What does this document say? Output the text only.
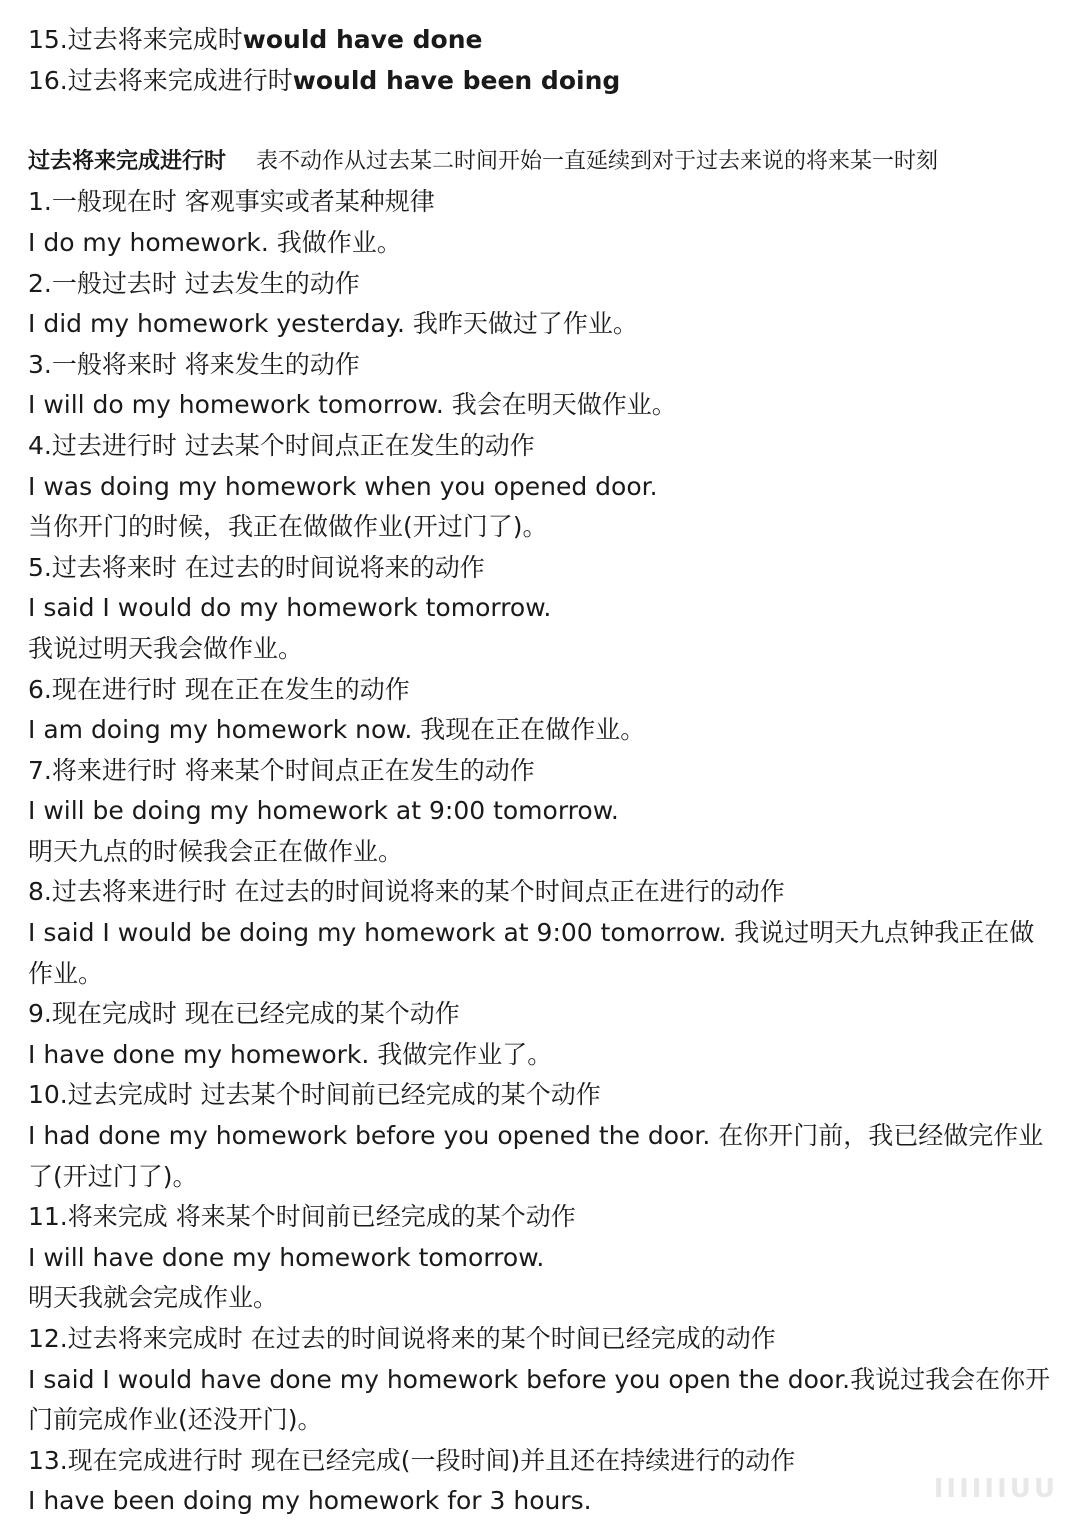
15.过去将来完成时would have done
16.过去将来完成进行时would have been doing
过去将来完成进行时 表不动作从过去某二时间开始一直延续到对于过去来说的将来某一时刻
1.一般现在时 客观事实或者某种规律
I do my homework. 我做作业。
2.一般过去时 过去发生的动作
I did my homework yesterday. 我昨天做过了作业。
3.一般将来时 将来发生的动作
I will do my homework tomorrow. 我会在明天做作业。
4.过去进行时 过去某个时间点正在发生的动作
I was doing my homework when you opened door.
当你开门的时候，我正在做做作业(开过门了)。
5.过去将来时 在过去的时间说将来的动作
I said I would do my homework tomorrow.
我说过明天我会做作业。
6.现在进行时 现在正在发生的动作
I am doing my homework now. 我现在正在做作业。
7.将来进行时 将来某个时间点正在发生的动作
I will be doing my homework at 9:00 tomorrow.
明天九点的时候我会正在做作业。
8.过去将来进行时 在过去的时间说将来的某个时间点正在进行的动作
I said I would be doing my homework at 9:00 tomorrow. 我说过明天九点钟我正在做
作业。
9.现在完成时 现在已经完成的某个动作
I have done my homework. 我做完作业了。
10.过去完成时 过去某个时间前已经完成的某个动作
I had done my homework before you opened the door. 在你开门前，我已经做完作业
了(开过门了)。
11.将来完成 将来某个时间前已经完成的某个动作
I will have done my homework tomorrow.
明天我就会完成作业。
12.过去将来完成时 在过去的时间说将来的某个时间已经完成的动作
I said I would have done my homework before you open the door.我说过我会在你开
门前完成作业(还没开门)。
13.现在完成进行时 现在已经完成(一段时间)并且还在持续进行的动作
I have been doing my homework for 3 hours.	IIIIIIUU
